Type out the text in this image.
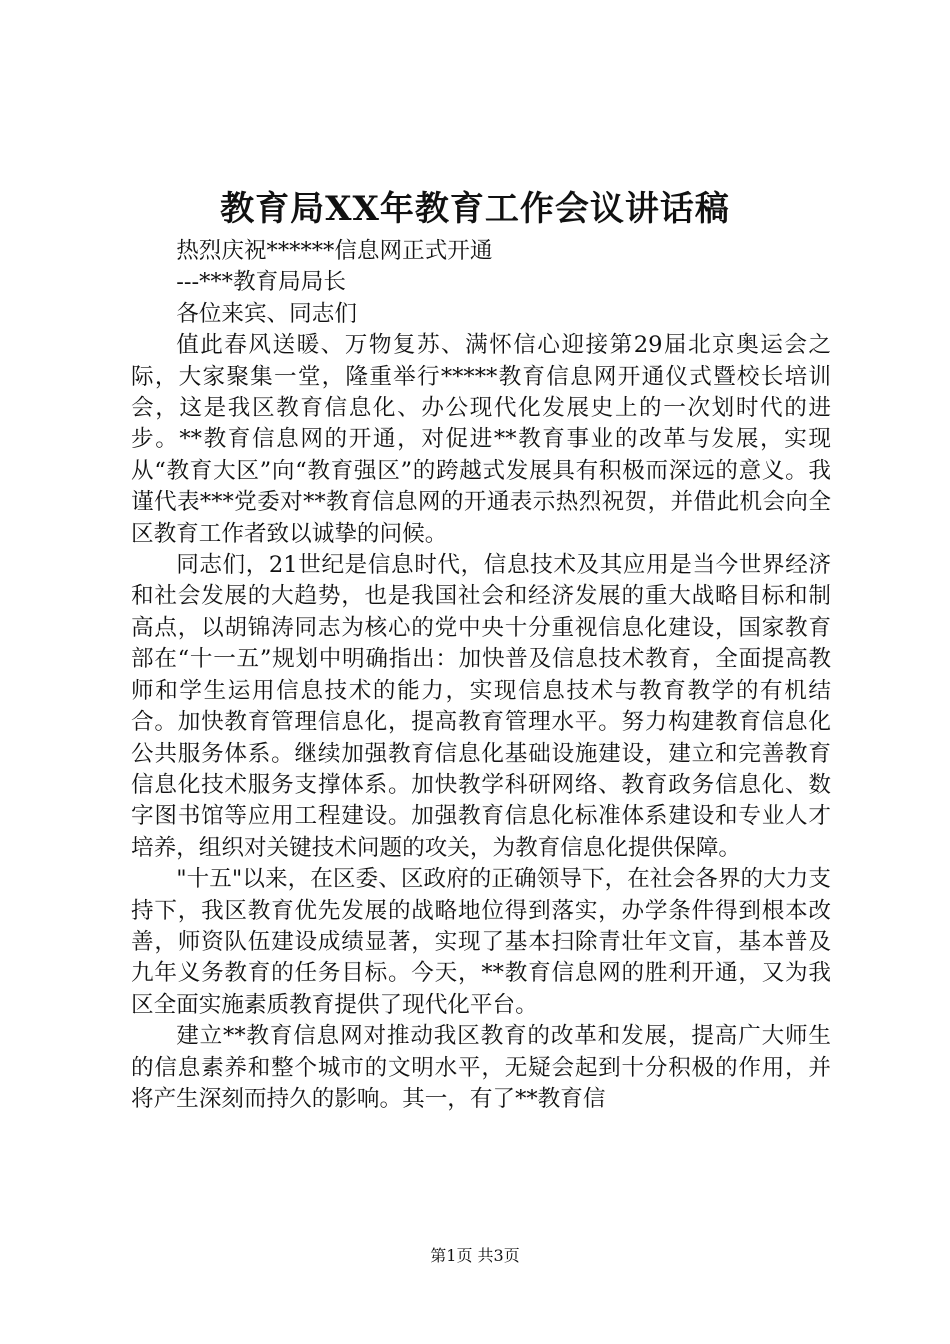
教育局XX年教育工作会议讲话稿

热烈庆祝******信息网正式开通

---***教育局局长

各位来宾、同志们

值此春风送暖、万物复苏、满怀信心迎接第29届北京奥运会之际，大家聚集一堂，隆重举行*****教育信息网开通仪式暨校长培训会，这是我区教育信息化、办公现代化发展史上的一次划时代的进步。**教育信息网的开通，对促进**教育事业的改革与发展，实现从“教育大区”向“教育强区”的跨越式发展具有积极而深远的意义。我谨代表***党委对**教育信息网的开通表示热烈祝贺，并借此机会向全区教育工作者致以诚挚的问候。

同志们，21世纪是信息时代，信息技术及其应用是当今世界经济和社会发展的大趋势，也是我国社会和经济发展的重大战略目标和制高点，以胡锦涛同志为核心的党中央十分重视信息化建设，国家教育部在“十一五”规划中明确指出：加快普及信息技术教育，全面提高教师和学生运用信息技术的能力，实现信息技术与教育教学的有机结合。加快教育管理信息化，提高教育管理水平。努力构建教育信息化公共服务体系。继续加强教育信息化基础设施建设，建立和完善教育信息化技术服务支撑体系。加快教学科研网络、教育政务信息化、数字图书馆等应用工程建设。加强教育信息化标准体系建设和专业人才培养，组织对关键技术问题的攻关，为教育信息化提供保障。

"十五"以来，在区委、区政府的正确领导下，在社会各界的大力支持下，我区教育优先发展的战略地位得到落实，办学条件得到根本改善，师资队伍建设成绩显著，实现了基本扫除青壮年文盲，基本普及九年义务教育的任务目标。今天，**教育信息网的胜利开通，又为我区全面实施素质教育提供了现代化平台。

建立**教育信息网对推动我区教育的改革和发展，提高广大师生的信息素养和整个城市的文明水平，无疑会起到十分积极的作用，并将产生深刻而持久的影响。其一，有了**教育信

第1页 共3页
